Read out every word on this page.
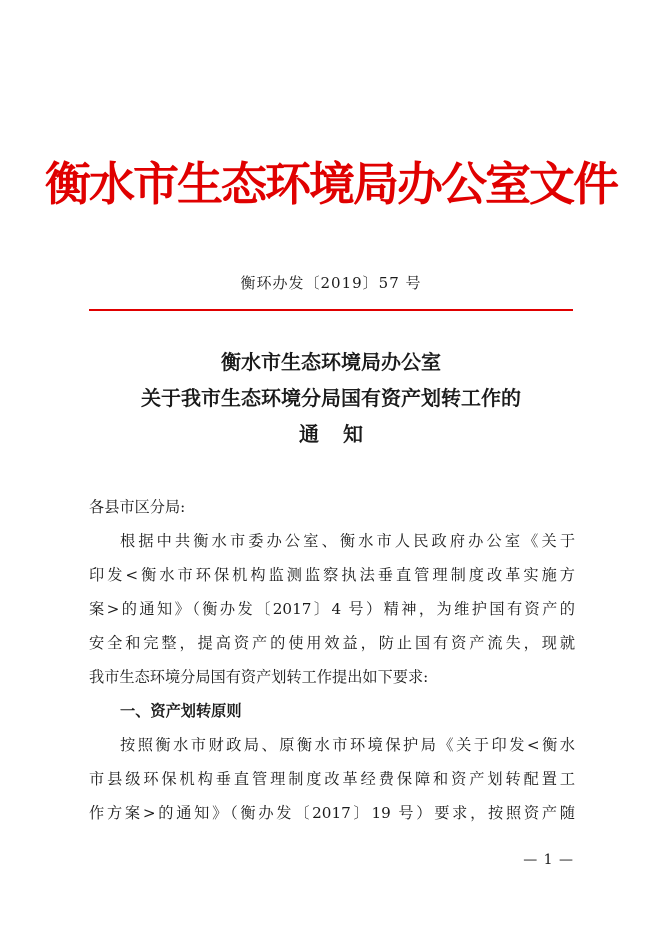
衡水市生态环境局办公室文件
衡环办发〔2019〕57 号
衡水市生态环境局办公室
关于我市生态环境分局国有资产划转工作的
通知
各县市区分局:
根据中共衡水市委办公室、衡水市人民政府办公室《关于
印发<衡水市环保机构监测监察执法垂直管理制度改革实施方
案>的通知》（衡办发〔2017〕4 号）精神，为维护国有资产的
安全和完整，提高资产的使用效益，防止国有资产流失，现就
我市生态环境分局国有资产划转工作提出如下要求:
一、资产划转原则
按照衡水市财政局、原衡水市环境保护局《关于印发<衡水
市县级环保机构垂直管理制度改革经费保障和资产划转配置工
作方案>的通知》（衡办发〔2017〕19 号）要求，按照资产随
— 1 —
